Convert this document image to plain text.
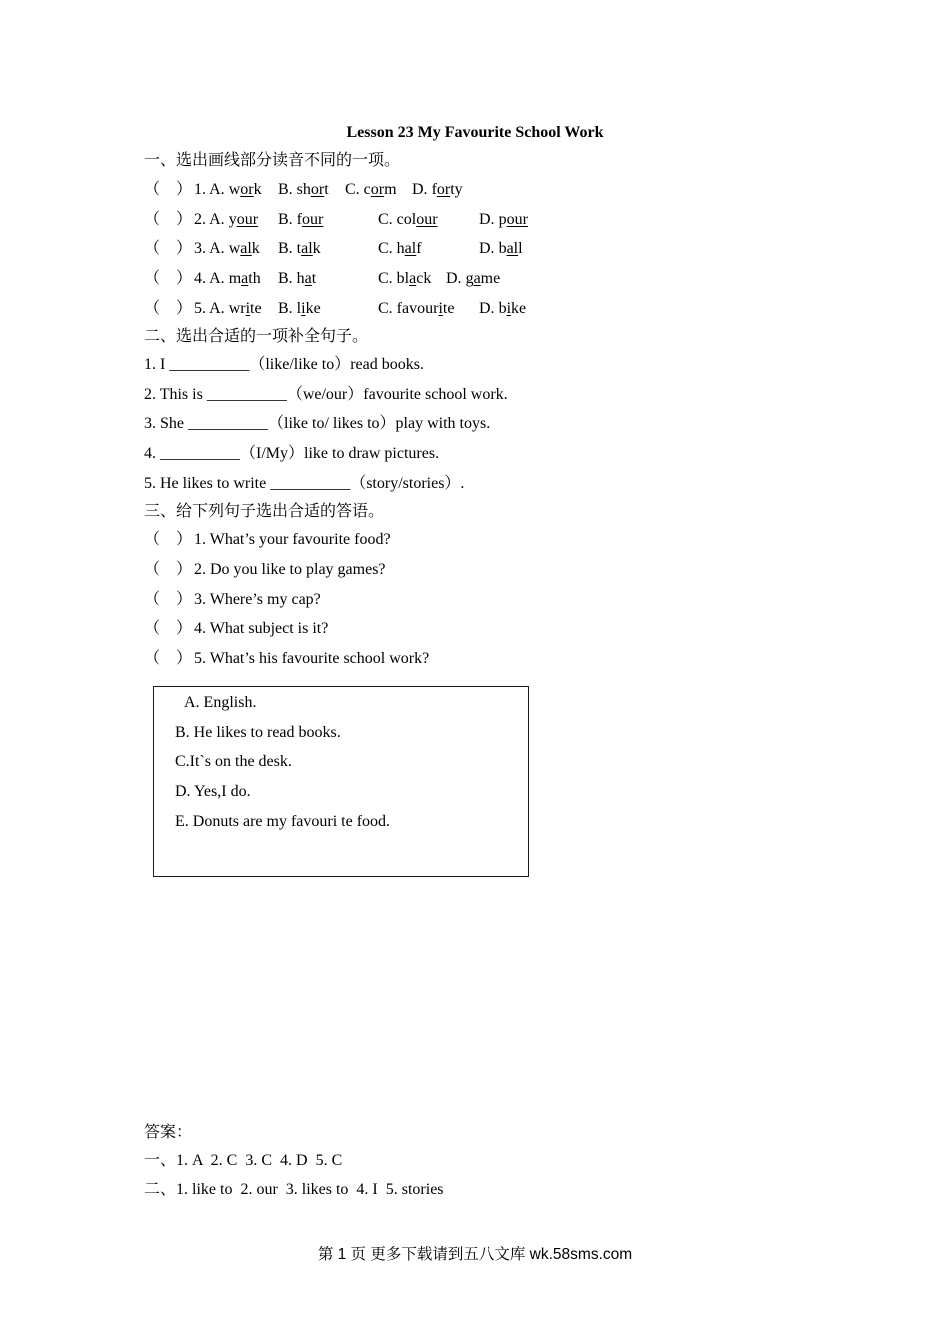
Lesson 23 My Favourite School Work
一、选出画线部分读音不同的一项。
（　） 1. A. work B. short C. corm D. forty
（　） 2. A. your B. four	C. colour	D. pour
（　） 3. A. walk B. talk	C. half	D. ball
（　） 4. A. math B. hat	C. black D. game
（　） 5. A. write B. like	C. favourite D. bike
二、选出合适的一项补全句子。
1. I __________（like/like to）read books.
2. This is __________（we/our）favourite school work.
3. She __________（like to/ likes to）play with toys.
4. __________（I/My）like to draw pictures.
5. He likes to write __________（story/stories）.
三、给下列句子选出合适的答语。
（　） 1. What’s your favourite food?
（　） 2. Do you like to play games?
（　） 3. Where’s my cap?
（　） 4. What subject is it?
（　） 5. What’s his favourite school work?
A. English.
B. He likes to read books.
C.It`s on the desk.
D. Yes,I do.
E. Donuts are my favouri te food.
答案：
一、1. A  2. C  3. C  4. D  5. C
二、1. like to  2. our  3. likes to  4. I  5. stories
第 1 页 更多下载请到五八文库 wk.58sms.com
